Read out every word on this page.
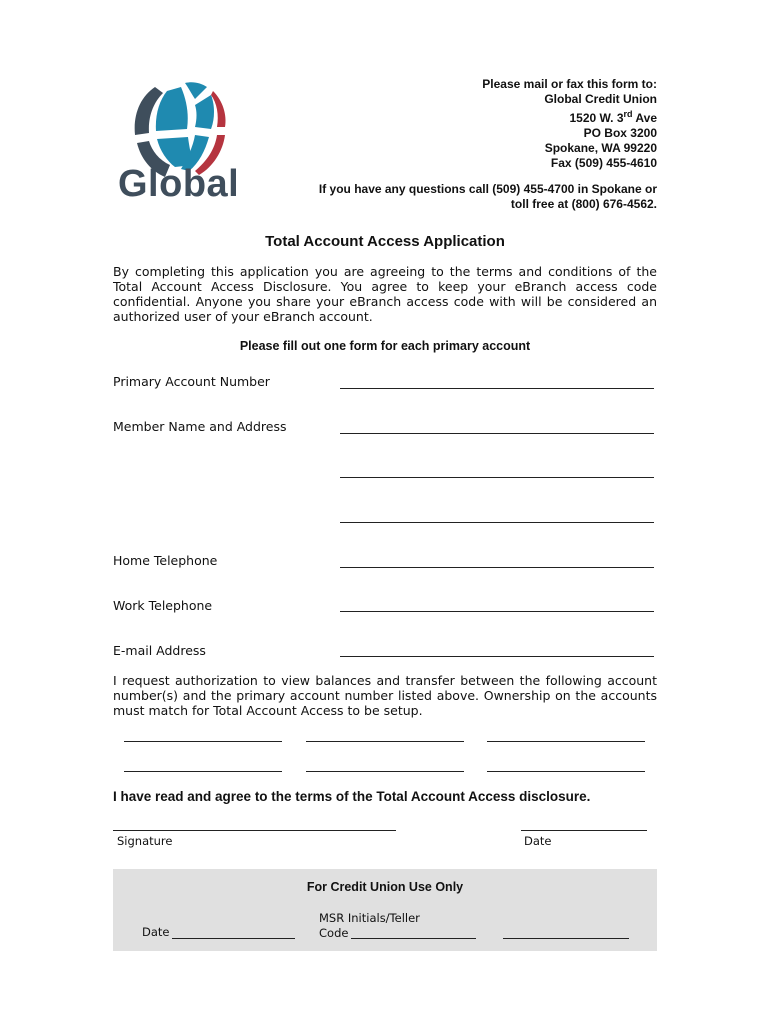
Global
Please mail or fax this form to:
Global Credit Union
1520 W. 3rd Ave
PO Box 3200
Spokane, WA 99220
Fax (509) 455-4610
If you have any questions call (509) 455-4700 in Spokane or
toll free at (800) 676-4562.
Total Account Access Application
By completing this application you are agreeing to the terms and conditions of the Total Account Access Disclosure. You agree to keep your eBranch access code confidential. Anyone you share your eBranch access code with will be considered an authorized user of your eBranch account.
Please fill out one form for each primary account
Primary Account Number
Member Name and Address
Home Telephone
Work Telephone
E-mail Address
I request authorization to view balances and transfer between the following account number(s) and the primary account number listed above. Ownership on the accounts must match for Total Account Access to be setup.
I have read and agree to the terms of the Total Account Access disclosure.
Signature	Date
For Credit Union Use Only
Date
MSR Initials/Teller
Code
